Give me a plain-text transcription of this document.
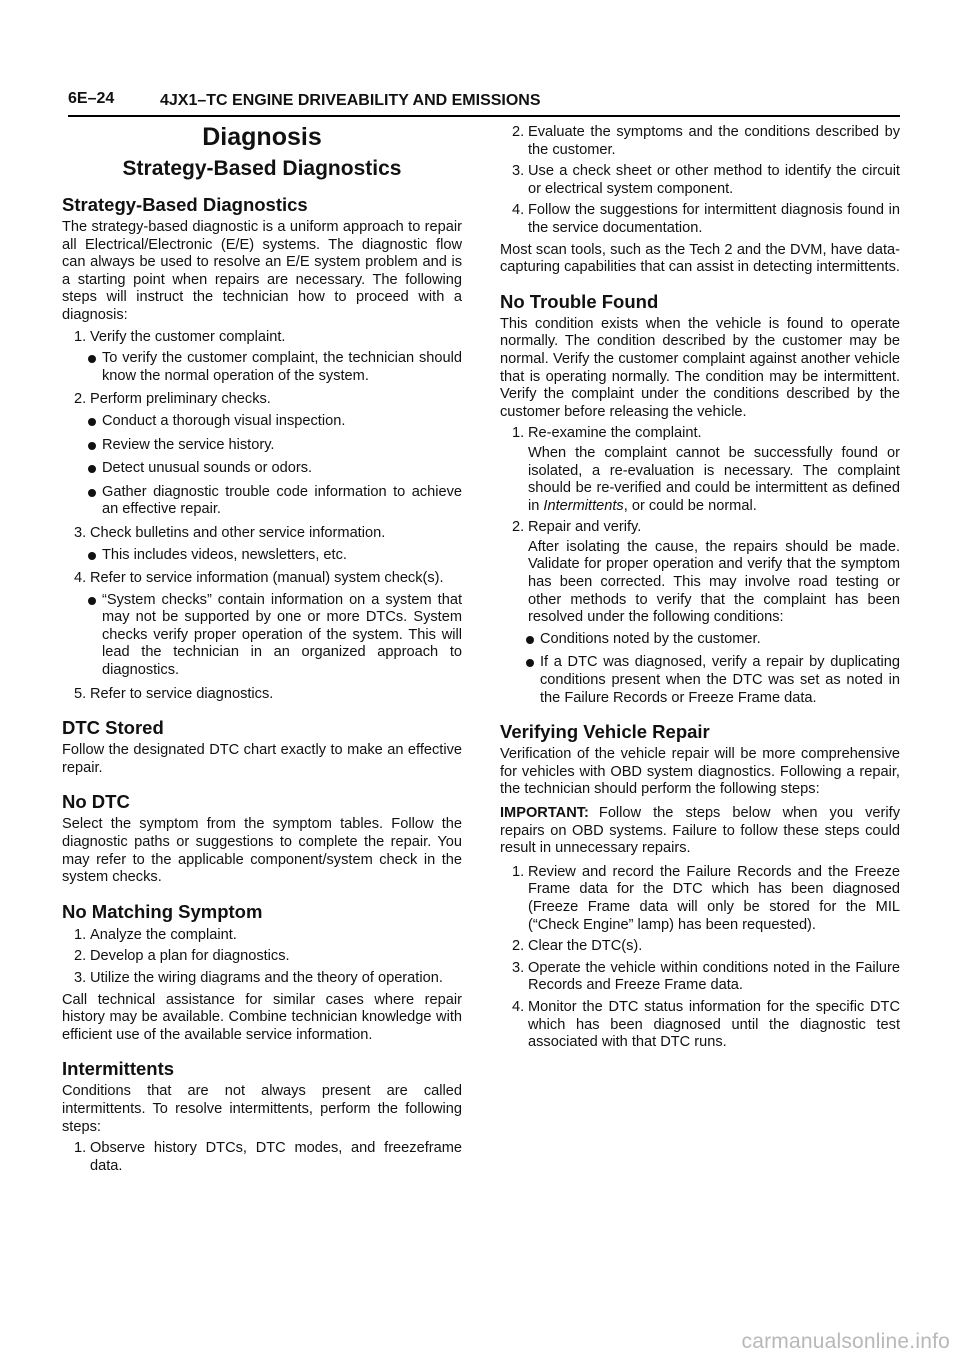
6E–24	4JX1–TC ENGINE DRIVEABILITY AND EMISSIONS
Diagnosis
Strategy-Based Diagnostics
Strategy-Based Diagnostics

The strategy-based diagnostic is a uniform approach to repair all Electrical/Electronic (E/E) systems. The diagnostic flow can always be used to resolve an E/E system problem and is a starting point when repairs are necessary. The following steps will instruct the technician how to proceed with a diagnosis:

1. Verify the customer complaint.
To verify the customer complaint, the technician should know the normal operation of the system.
2. Perform preliminary checks.
Conduct a thorough visual inspection.
Review the service history.
Detect unusual sounds or odors.
Gather diagnostic trouble code information to achieve an effective repair.
3. Check bulletins and other service information.
This includes videos, newsletters, etc.
4. Refer to service information (manual) system check(s).
“System checks” contain information on a system that may not be supported by one or more DTCs. System checks verify proper operation of the system. This will lead the technician in an organized approach to diagnostics.
5. Refer to service diagnostics.
DTC Stored

Follow the designated DTC chart exactly to make an effective repair.

No DTC

Select the symptom from the symptom tables. Follow the diagnostic paths or suggestions to complete the repair. You may refer to the applicable component/system check in the system checks.

No Matching Symptom
1. Analyze the complaint.
2. Develop a plan for diagnostics.
3. Utilize the wiring diagrams and the theory of operation.

Call technical assistance for similar cases where repair history may be available. Combine technician knowledge with efficient use of the available service information.

Intermittents

Conditions that are not always present are called intermittents. To resolve intermittents, perform the following steps:

1. Observe history DTCs, DTC modes, and freezeframe data.
2. Evaluate the symptoms and the conditions described by the customer.
3. Use a check sheet or other method to identify the circuit or electrical system component.
4. Follow the suggestions for intermittent diagnosis found in the service documentation.

Most scan tools, such as the Tech 2 and the DVM, have data-capturing capabilities that can assist in detecting intermittents.

No Trouble Found

This condition exists when the vehicle is found to operate normally. The condition described by the customer may be normal. Verify the customer complaint against another vehicle that is operating normally. The condition may be intermittent. Verify the complaint under the conditions described by the customer before releasing the vehicle.

1. Re-examine the complaint.
When the complaint cannot be successfully found or isolated, a re-evaluation is necessary. The complaint should be re-verified and could be intermittent as defined in Intermittents, or could be normal.
2. Repair and verify.
After isolating the cause, the repairs should be made. Validate for proper operation and verify that the symptom has been corrected. This may involve road testing or other methods to verify that the complaint has been resolved under the following conditions:
Conditions noted by the customer.
If a DTC was diagnosed, verify a repair by duplicating conditions present when the DTC was set as noted in the Failure Records or Freeze Frame data.
Verifying Vehicle Repair

Verification of the vehicle repair will be more comprehensive for vehicles with OBD system diagnostics. Following a repair, the technician should perform the following steps:

IMPORTANT: Follow the steps below when you verify repairs on OBD systems. Failure to follow these steps could result in unnecessary repairs.

1. Review and record the Failure Records and the Freeze Frame data for the DTC which has been diagnosed (Freeze Frame data will only be stored for the MIL (“Check Engine” lamp) has been requested).
2. Clear the DTC(s).
3. Operate the vehicle within conditions noted in the Failure Records and Freeze Frame data.
4. Monitor the DTC status information for the specific DTC which has been diagnosed until the diagnostic test associated with that DTC runs.
carmanualsonline.info
